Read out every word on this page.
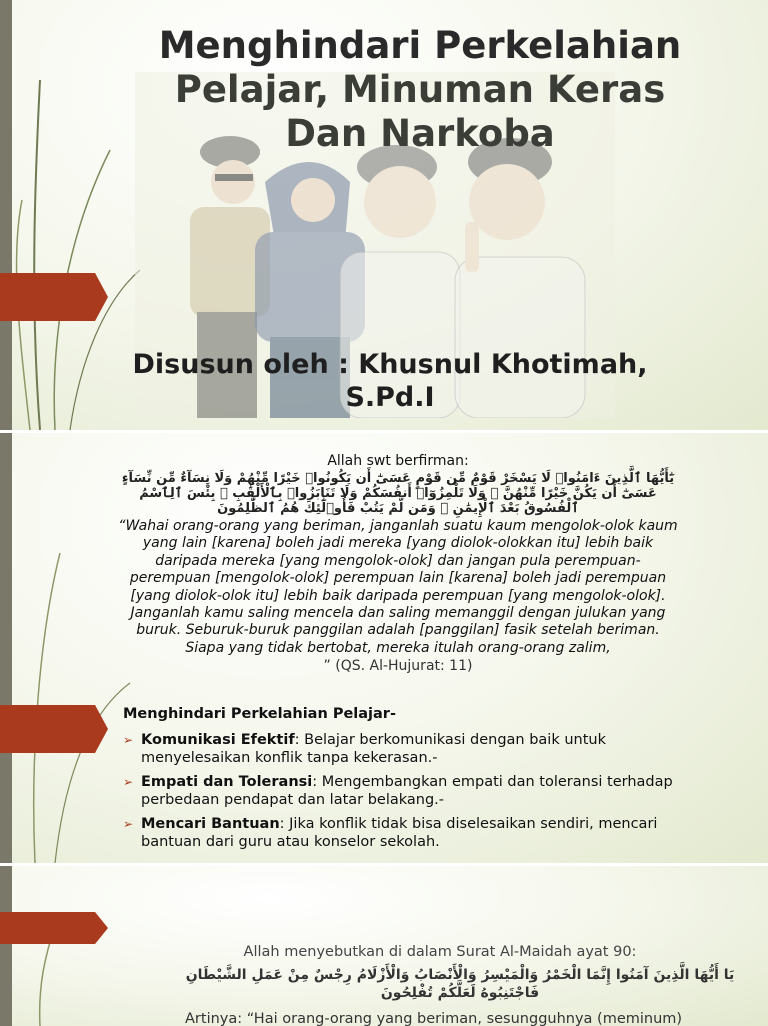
Menghindari Perkelahian
Pelajar, Minuman Keras
Dan Narkoba
Disusun oleh : Khusnul Khotimah,
S.Pd.I
Allah swt berfirman:
يَٰٓأَيُّهَا ٱلَّذِينَ ءَامَنُوا۟ لَا يَسْخَرْ قَوْمٌ مِّن قَوْمٍ عَسَىٰٓ أَن يَكُونُوا۟ خَيْرًا مِّنْهُمْ وَلَا نِسَآءٌ مِّن نِّسَآءٍ عَسَىٰٓ أَن يَكُنَّ خَيْرًا مِّنْهُنَّ ۖ وَلَا تَلْمِزُوٓا۟ أَنفُسَكُمْ وَلَا تَنَابَزُوا۟ بِٱلْأَلْقَٰبِ ۖ بِئْسَ ٱلِٱسْمُ ٱلْفُسُوقُ بَعْدَ ٱلْإِيمَٰنِ ۚ وَمَن لَّمْ يَتُبْ فَأُو۟لَٰٓئِكَ هُمُ ٱلظَّٰلِمُونَ
“Wahai orang-orang yang beriman, janganlah suatu kaum mengolok-olok kaum yang lain [karena] boleh jadi mereka [yang diolok-olokkan itu] lebih baik daripada mereka [yang mengolok-olok] dan jangan pula perempuan-perempuan [mengolok-olok] perempuan lain [karena] boleh jadi perempuan [yang diolok-olok itu] lebih baik daripada perempuan [yang mengolok-olok]. Janganlah kamu saling mencela dan saling memanggil dengan julukan yang buruk. Seburuk-buruk panggilan adalah [panggilan] fasik setelah beriman. Siapa yang tidak bertobat, mereka itulah orang-orang zalim,
” (QS. Al-Hujurat: 11)
Menghindari Perkelahian Pelajar-
➢ Komunikasi Efektif: Belajar berkomunikasi dengan baik untuk menyelesaikan konflik tanpa kekerasan.-
➢ Empati dan Toleransi: Mengembangkan empati dan toleransi terhadap perbedaan pendapat dan latar belakang.-
➢ Mencari Bantuan: Jika konflik tidak bisa diselesaikan sendiri, mencari bantuan dari guru atau konselor sekolah.
Allah menyebutkan di dalam Surat Al-Maidah ayat 90:
يَا أَيُّهَا الَّذِينَ آمَنُوا إِنَّمَا الْخَمْرُ وَالْمَيْسِرُ وَالْأَنْصَابُ وَالْأَزْلَامُ رِجْسٌ مِنْ عَمَلِ الشَّيْطَانِ فَاجْتَنِبُوهُ لَعَلَّكُمْ تُفْلِحُونَ
Artinya: “Hai orang-orang yang beriman, sesungguhnya (meminum)
